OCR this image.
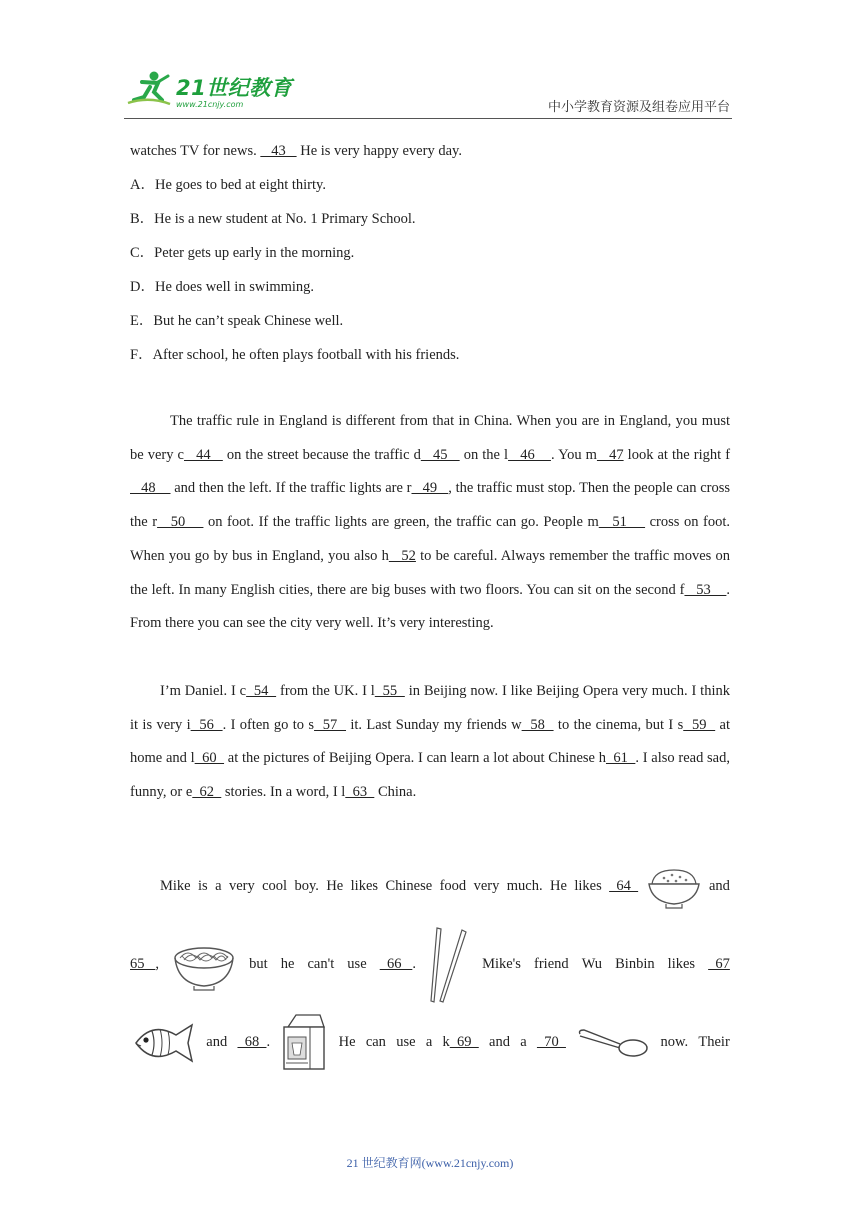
21世纪教育
www.21cnjy.com	中小学教育资源及组卷应用平台

watches TV for news.    43    He is very happy every day.

A．He goes to bed at eight thirty.

B．He is a new student at No. 1 Primary School.

C．Peter gets up early in the morning.

D．He does well in swimming.

E．But he can’t speak Chinese well.

F．After school, he often plays football with his friends.

The traffic rule in England is different from that in China. When you are in England, you must be very c   44    on the street because the traffic d   45    on the l   46    . You m   47 look at the right f   48     and then the left. If the traffic lights are r   49   , the traffic must stop. Then the people can cross the r   50     on foot. If the traffic lights are green, the traffic can go. People m   51     cross on foot. When you go by bus in England, you also h   52 to be careful. Always remember the traffic moves on the left. In many English cities, there are big buses with two floors. You can sit on the second f   53    . From there you can see the city very well. It’s very interesting.

I’m Daniel. I c  54   from the UK. I l  55   in Beijing now. I like Beijing Opera very much. I think it is very i  56  . I often go to s  57   it. Last Sunday my friends w  58   to the cinema, but I s  59   at home and l  60   at the pictures of Beijing Opera. I can learn a lot about Chinese h  61  . I also read sad, funny, or e  62   stories. In a word, I l  63   China.

Mike is a very cool boy. He likes Chinese food very much. He likes 64	and
65   ,	but he can't use 66   .	Mike's friend Wu Binbin likes 67
and 68  .	He can use a k  69 and a 70	now. Their
21 世纪教育网(www.21cnjy.com)
